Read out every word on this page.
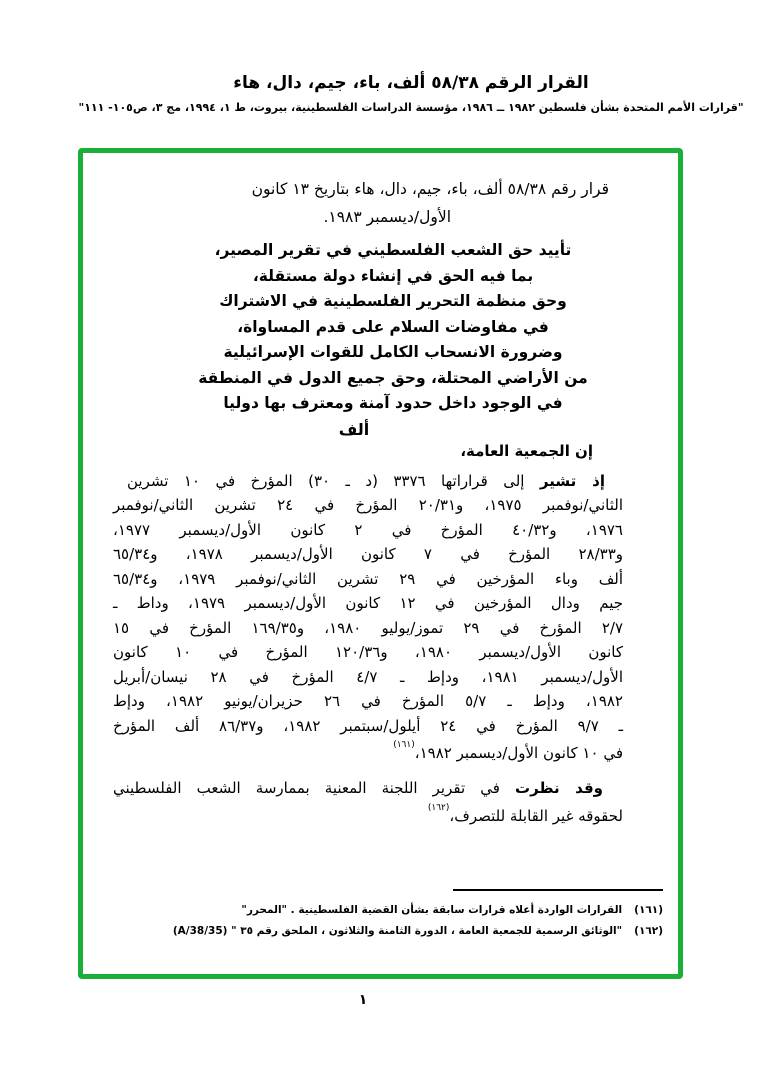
القرار الرقم ٥٨/٣٨ ألف، باء، جيم، دال، هاء
"قرارات الأمم المتحدة بشأن فلسطين ١٩٨٢ ــ ١٩٨٦، مؤسسة الدراسات الفلسطينية، بيروت، ط ١، ١٩٩٤، مج ٣، ص١٠٥- ١١١"
قرار رقم ٥٨/٣٨ ألف، باء، جيم، دال، هاء بتاريخ ١٣ كانون
الأول/ديسمبر ١٩٨٣.
تأييد حق الشعب الفلسطيني في تقرير المصير،
بما فيه الحق في إنشاء دولة مستقلة،
وحق منظمة التحرير الفلسطينية في الاشتراك
في مفاوضات السلام على قدم المساواة،
وضرورة الانسحاب الكامل للقوات الإسرائيلية
من الأراضي المحتلة، وحق جميع الدول في المنطقة
في الوجود داخل حدود آمنة ومعترف بها دوليا
ألف
إن الجمعية العامة،
إذ تشير إلى قراراتها ٣٣٧٦ (د ـ ٣٠) المؤرخ في ١٠ تشرين
الثاني/نوفمبر ١٩٧٥، و٢٠/٣١ المؤرخ في ٢٤ تشرين الثاني/نوفمبر
١٩٧٦، و٤٠/٣٢ المؤرخ في ٢ كانون الأول/ديسمبر ١٩٧٧،
و٢٨/٣٣ المؤرخ في ٧ كانون الأول/ديسمبر ١٩٧٨، و٦٥/٣٤
ألف وباء المؤرخين في ٢٩ تشرين الثاني/نوفمبر ١٩٧٩، و٦٥/٣٤
جيم ودال المؤرخين في ١٢ كانون الأول/ديسمبر ١٩٧٩، وداط ـ
٢/٧ المؤرخ في ٢٩ تموز/يوليو ١٩٨٠، و١٦٩/٣٥ المؤرخ في ١٥
كانون الأول/ديسمبر ١٩٨٠، و١٢٠/٣٦ المؤرخ في ١٠ كانون
الأول/ديسمبر ١٩٨١، ودإط ـ ٤/٧ المؤرخ في ٢٨ نيسان/أبريل
١٩٨٢، ودإط ـ ٥/٧ المؤرخ في ٢٦ حزيران/يونيو ١٩٨٢، ودإط
ـ ٩/٧ المؤرخ في ٢٤ أيلول/سبتمبر ١٩٨٢، و٨٦/٣٧ ألف المؤرخ
في ١٠ كانون الأول/ديسمبر ١٩٨٢،$^{(١٦١)}$
وقد نظرت في تقرير اللجنة المعنية بممارسة الشعب الفلسطيني
لحقوقه غير القابلة للتصرف،$^{(١٦٢)}$
(١٦١)
القرارات الواردة أعلاه قرارات سابقة بشأن القضية الفلسطينية . "المحرر"
(١٦٢)
"الوثائق الرسمية للجمعية العامة ، الدورة الثامنة والثلاثون ، الملحق رقم ٣٥ " (A/38/35)
١
